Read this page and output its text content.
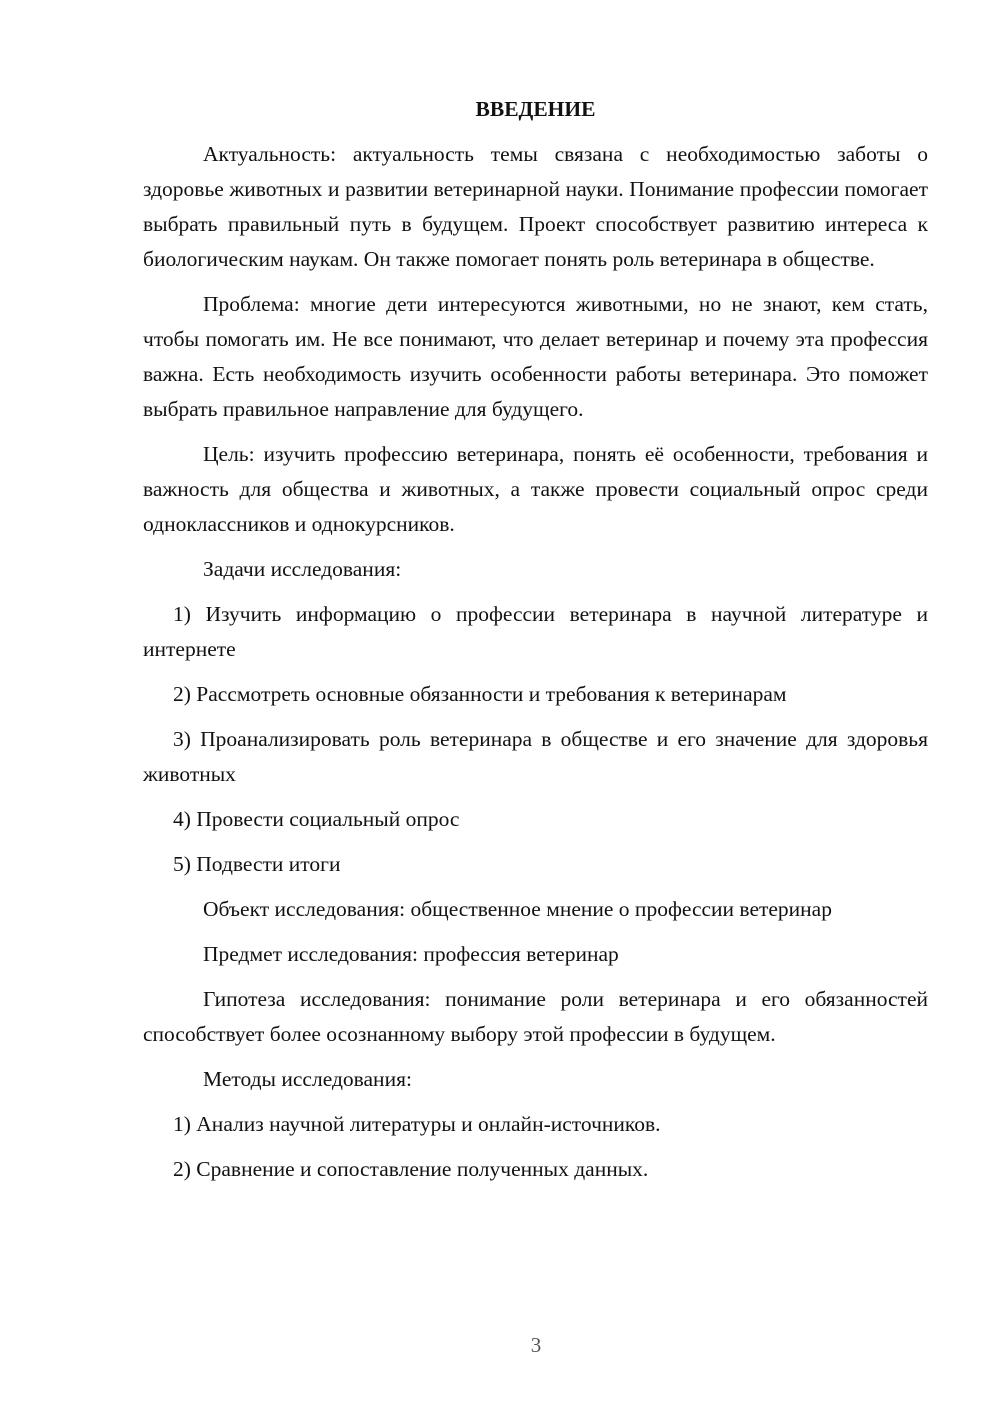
ВВЕДЕНИЕ

Актуальность: актуальность темы связана с необходимостью заботы о здоровье животных и развитии ветеринарной науки. Понимание профессии помогает выбрать правильный путь в будущем. Проект способствует развитию интереса к биологическим наукам. Он также помогает понять роль ветеринара в обществе.

Проблема: многие дети интересуются животными, но не знают, кем стать, чтобы помогать им. Не все понимают, что делает ветеринар и почему эта профессия важна. Есть необходимость изучить особенности работы ветеринара. Это поможет выбрать правильное направление для будущего.

Цель: изучить профессию ветеринара, понять её особенности, требования и важность для общества и животных, а также провести социальный опрос среди одноклассников и однокурсников.

Задачи исследования:

1) Изучить информацию о профессии ветеринара в научной литературе и интернете

2) Рассмотреть основные обязанности и требования к ветеринарам

3) Проанализировать роль ветеринара в обществе и его значение для здоровья животных

4) Провести социальный опрос

5) Подвести итоги

Объект исследования: общественное мнение о профессии ветеринар

Предмет исследования: профессия ветеринар

Гипотеза исследования: понимание роли ветеринара и его обязанностей способствует более осознанному выбору этой профессии в будущем.

Методы исследования:

1) Анализ научной литературы и онлайн-источников.

2) Сравнение и сопоставление полученных данных.

3
